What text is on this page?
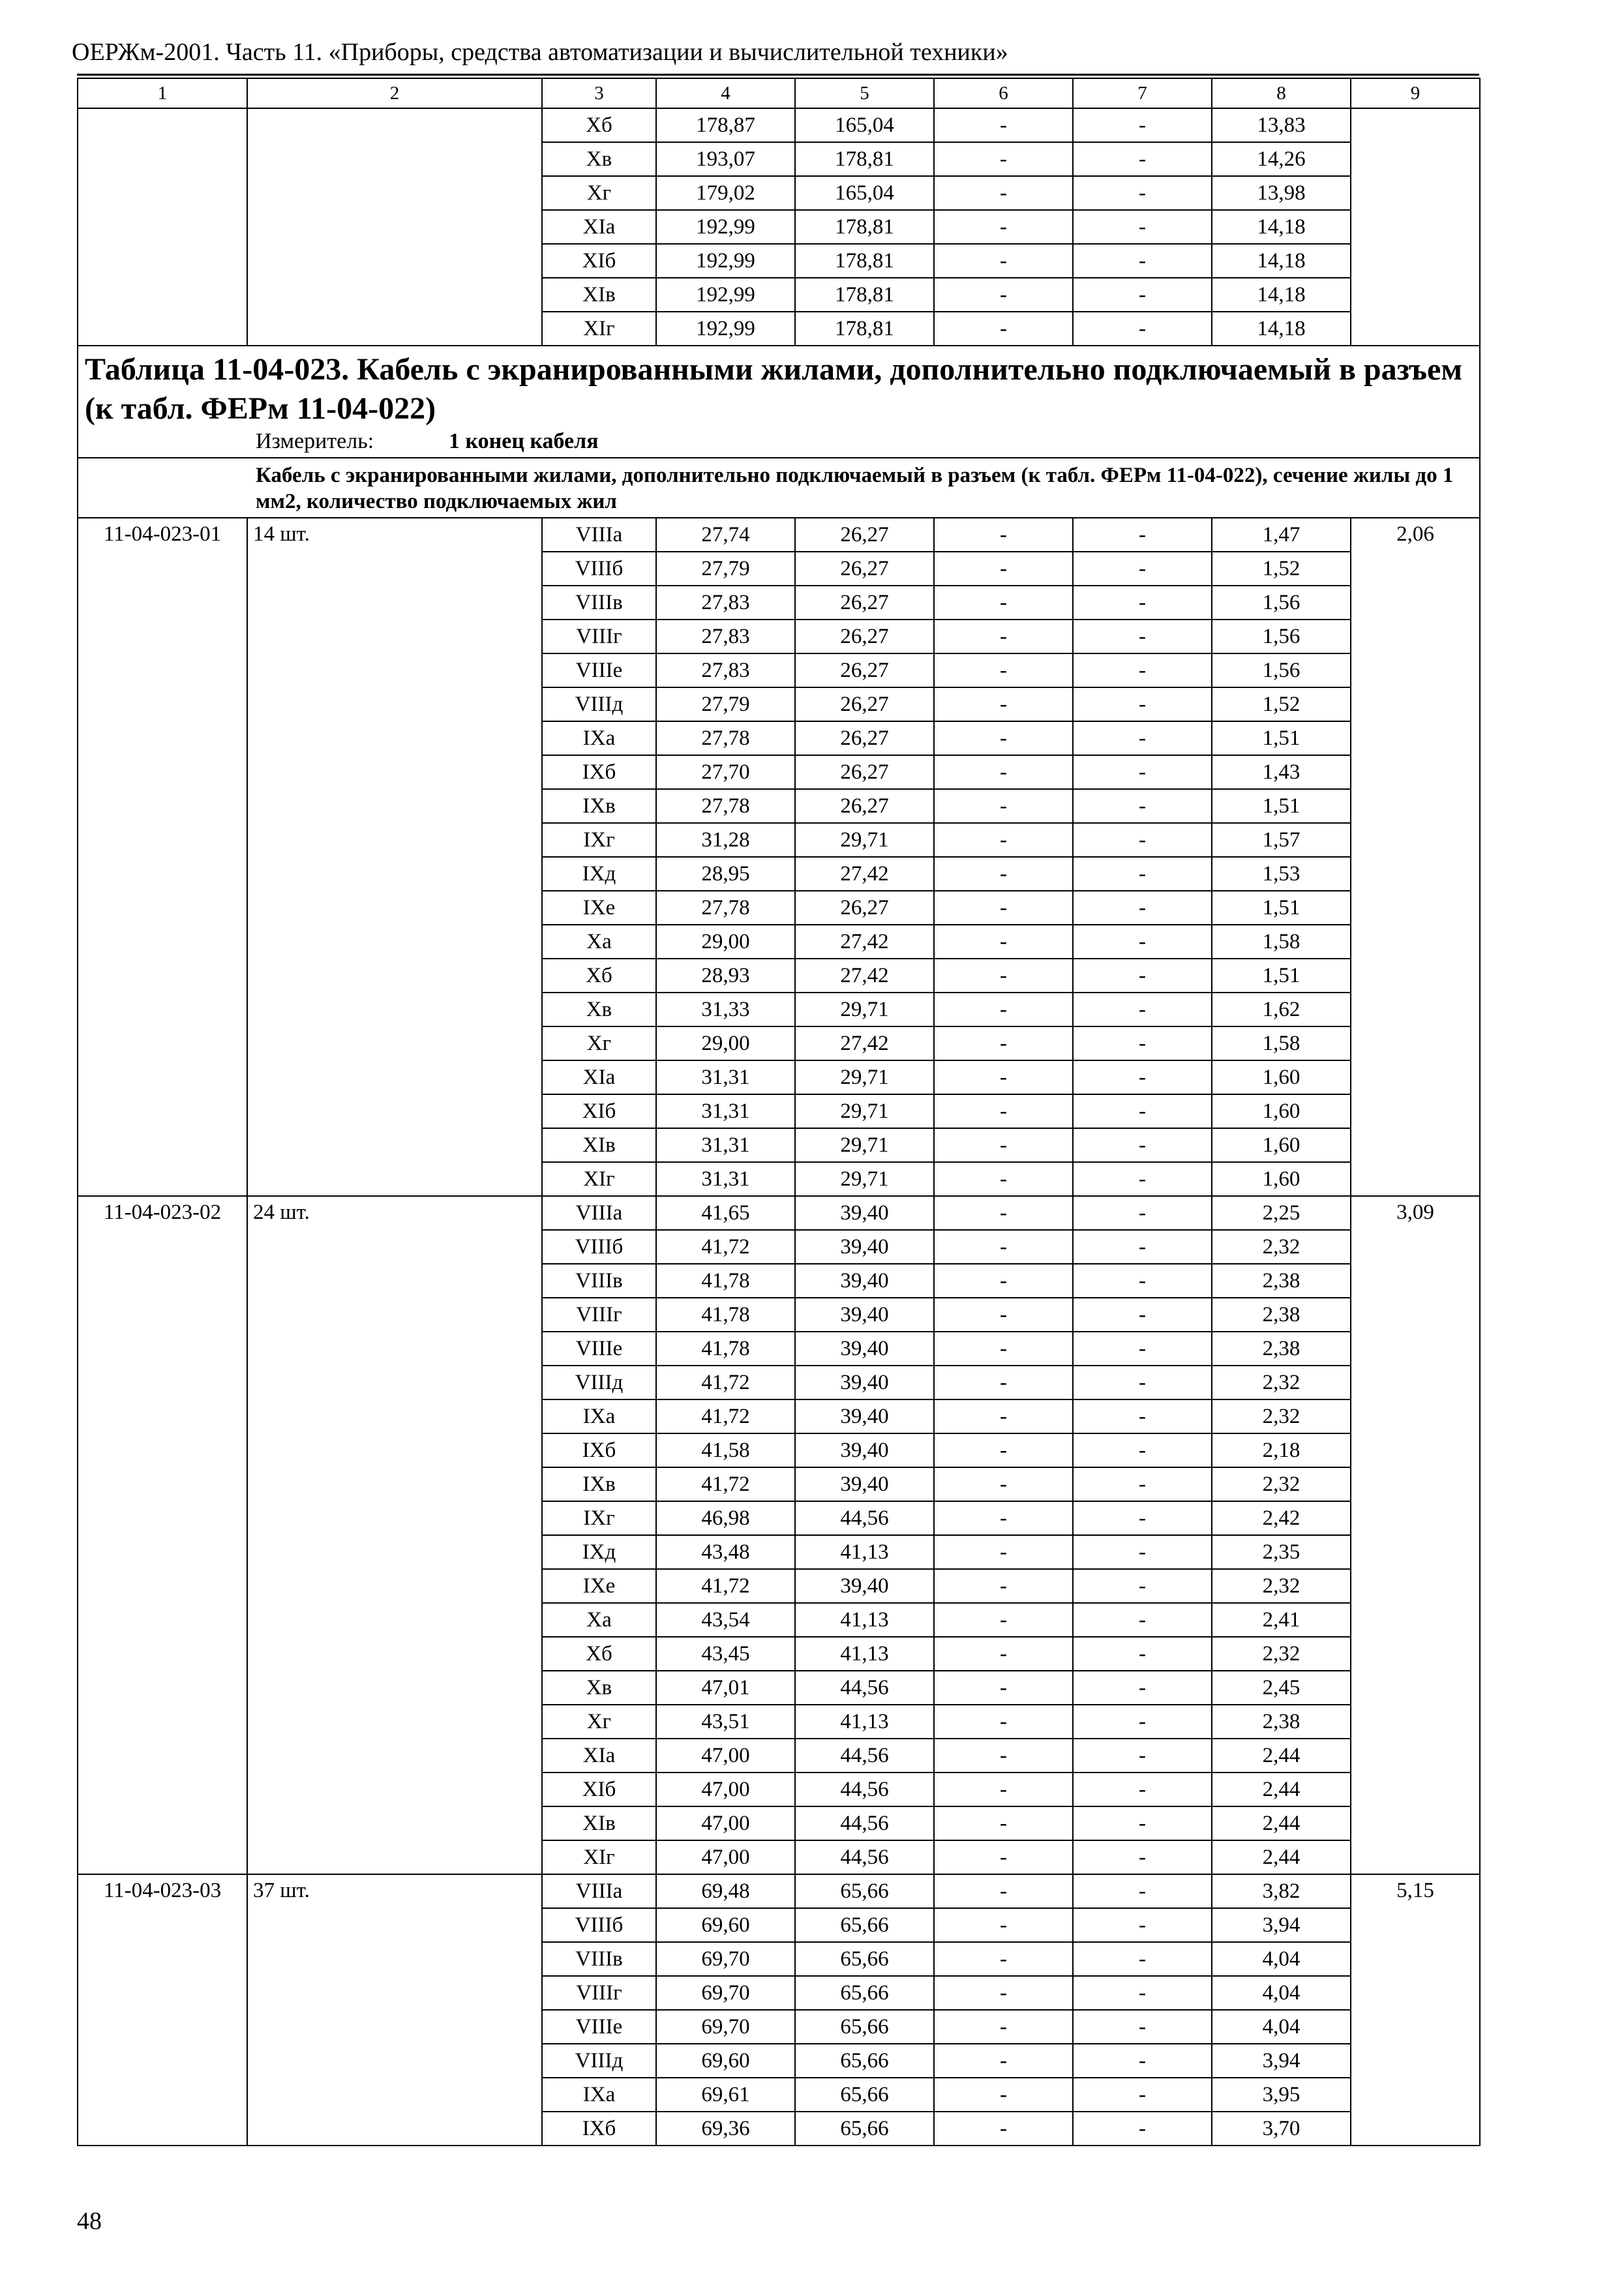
ОЕРЖм-2001. Часть 11. «Приборы, средства автоматизации и вычислительной техники»
1	2	3	4	5	6	7	8	9
		Xб	178,87	165,04	-	-	13,83	
		Xв	193,07	178,81	-	-	14,26	
		Xг	179,02	165,04	-	-	13,98	
		XIа	192,99	178,81	-	-	14,18	
		XIб	192,99	178,81	-	-	14,18	
		XIв	192,99	178,81	-	-	14,18	
		XIг	192,99	178,81	-	-	14,18	

Таблица 11-04-023. Кабель с экранированными жилами, дополнительно подключаемый в разъем (к табл. ФЕРм 11-04-022)
Измеритель: 1 конец кабеля								

Кабель с экранированными жилами, дополнительно подключаемый в разъем (к табл. ФЕРм 11-04-022), сечение жилы до 1 мм2, количество подключаемых жил								

11-04-023-01	14 шт.	VIIIа	27,74	26,27	-	-	1,47	2,06
		VIIIб	27,79	26,27	-	-	1,52	
		VIIIв	27,83	26,27	-	-	1,56	
		VIIIг	27,83	26,27	-	-	1,56	
		VIIIе	27,83	26,27	-	-	1,56	
		VIIIд	27,79	26,27	-	-	1,52	
		IXа	27,78	26,27	-	-	1,51	
		IXб	27,70	26,27	-	-	1,43	
		IXв	27,78	26,27	-	-	1,51	
		IXг	31,28	29,71	-	-	1,57	
		IXд	28,95	27,42	-	-	1,53	
		IXе	27,78	26,27	-	-	1,51	
		Xа	29,00	27,42	-	-	1,58	
		Xб	28,93	27,42	-	-	1,51	
		Xв	31,33	29,71	-	-	1,62	
		Xг	29,00	27,42	-	-	1,58	
		XIа	31,31	29,71	-	-	1,60	
		XIб	31,31	29,71	-	-	1,60	
		XIв	31,31	29,71	-	-	1,60	
		XIг	31,31	29,71	-	-	1,60	
11-04-023-02	24 шт.	VIIIа	41,65	39,40	-	-	2,25	3,09
		VIIIб	41,72	39,40	-	-	2,32	
		VIIIв	41,78	39,40	-	-	2,38	
		VIIIг	41,78	39,40	-	-	2,38	
		VIIIе	41,78	39,40	-	-	2,38	
		VIIIд	41,72	39,40	-	-	2,32	
		IXа	41,72	39,40	-	-	2,32	
		IXб	41,58	39,40	-	-	2,18	
		IXв	41,72	39,40	-	-	2,32	
		IXг	46,98	44,56	-	-	2,42	
		IXд	43,48	41,13	-	-	2,35	
		IXе	41,72	39,40	-	-	2,32	
		Xа	43,54	41,13	-	-	2,41	
		Xб	43,45	41,13	-	-	2,32	
		Xв	47,01	44,56	-	-	2,45	
		Xг	43,51	41,13	-	-	2,38	
		XIа	47,00	44,56	-	-	2,44	
		XIб	47,00	44,56	-	-	2,44	
		XIв	47,00	44,56	-	-	2,44	
		XIг	47,00	44,56	-	-	2,44	
11-04-023-03	37 шт.	VIIIа	69,48	65,66	-	-	3,82	5,15
		VIIIб	69,60	65,66	-	-	3,94	
		VIIIв	69,70	65,66	-	-	4,04	
		VIIIг	69,70	65,66	-	-	4,04	
		VIIIе	69,70	65,66	-	-	4,04	
		VIIIд	69,60	65,66	-	-	3,94	
		IXа	69,61	65,66	-	-	3,95	
		IXб	69,36	65,66	-	-	3,70	
48
